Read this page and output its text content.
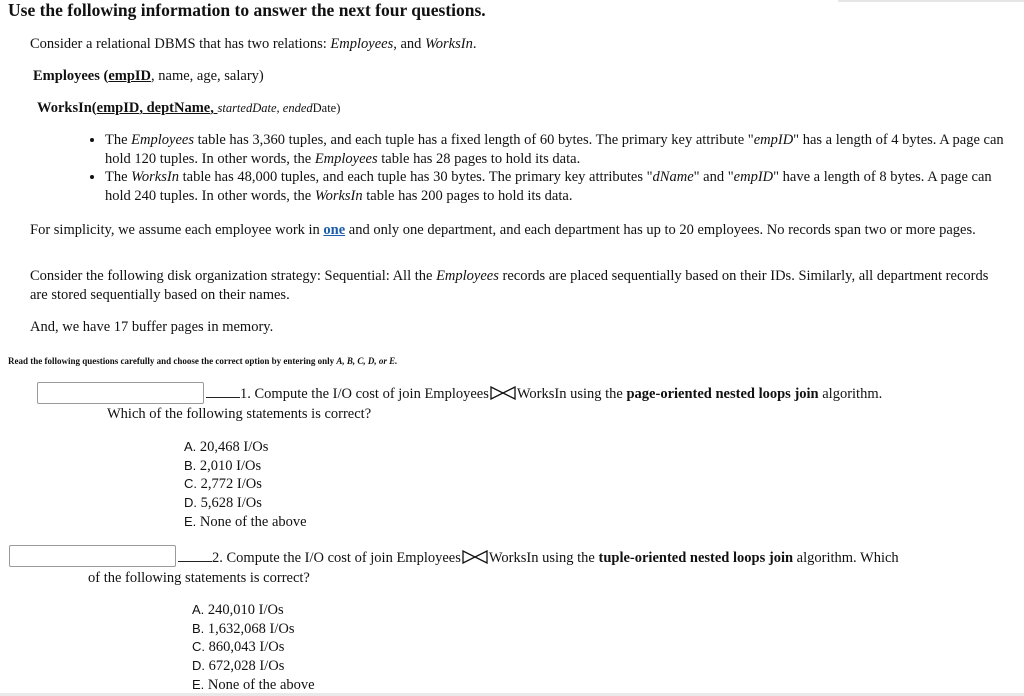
Use the following information to answer the next four questions.
Consider a relational DBMS that has two relations: Employees, and WorksIn.
Employees (empID, name, age, salary)
WorksIn(empID, deptName, startedDate, endedDate)
• The Employees table has 3,360 tuples, and each tuple has a fixed length of 60 bytes. The primary key attribute "empID" has a length of 4 bytes. A page can hold 120 tuples. In other words, the Employees table has 28 pages to hold its data.
• The WorksIn table has 48,000 tuples, and each tuple has 30 bytes. The primary key attributes "dName" and "empID" have a length of 8 bytes. A page can hold 240 tuples. In other words, the WorksIn table has 200 pages to hold its data.
For simplicity, we assume each employee work in one and only one department, and each department has up to 20 employees. No records span two or more pages.
Consider the following disk organization strategy: Sequential: All the Employees records are placed sequentially based on their IDs. Similarly, all department records are stored sequentially based on their names.
And, we have 17 buffer pages in memory.
Read the following questions carefully and choose the correct option by entering only A, B, C, D, or E.
1. Compute the I/O cost of join Employees WorksIn using the page-oriented nested loops join algorithm.
Which of the following statements is correct?
A. 20,468 I/Os
B. 2,010 I/Os
C. 2,772 I/Os
D. 5,628 I/Os
E. None of the above
2. Compute the I/O cost of join Employees WorksIn using the tuple-oriented nested loops join algorithm. Which
of the following statements is correct?
A. 240,010 I/Os
B. 1,632,068 I/Os
C. 860,043 I/Os
D. 672,028 I/Os
E. None of the above
